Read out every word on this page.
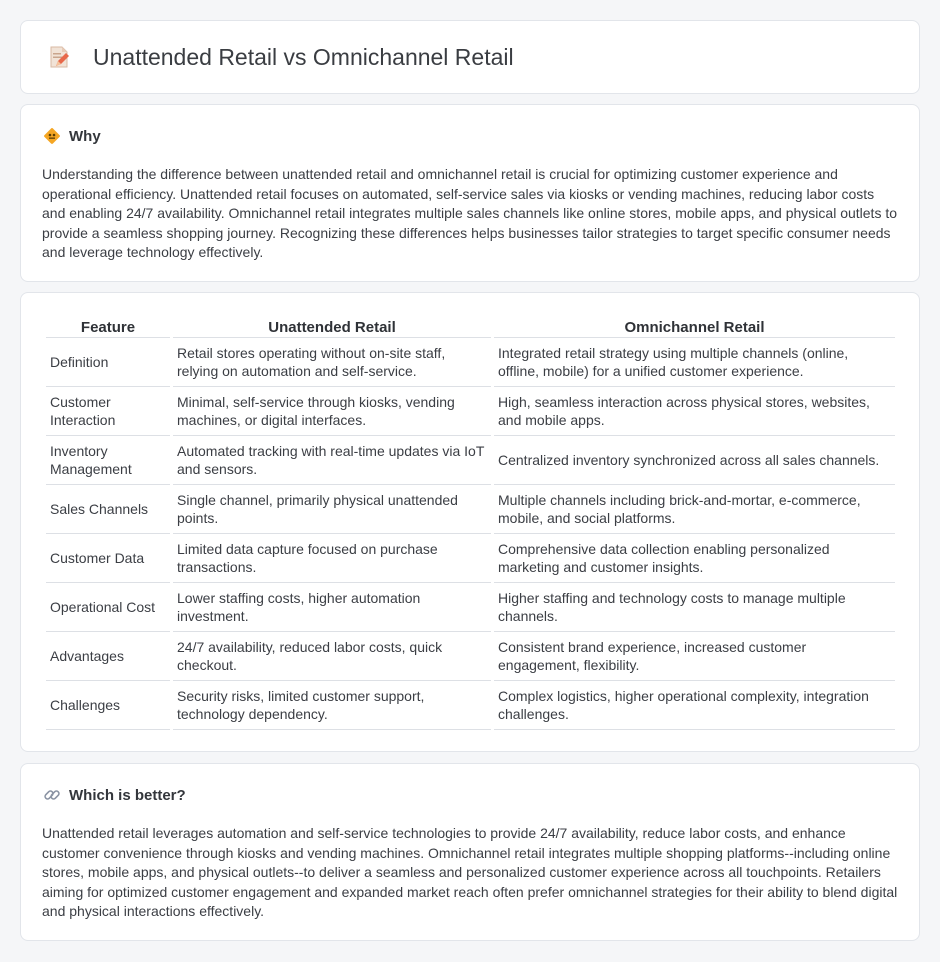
Unattended Retail vs Omnichannel Retail
Why

Understanding the difference between unattended retail and omnichannel retail is crucial for optimizing customer experience and operational efficiency. Unattended retail focuses on automated, self-service sales via kiosks or vending machines, reducing labor costs and enabling 24/7 availability. Omnichannel retail integrates multiple sales channels like online stores, mobile apps, and physical outlets to provide a seamless shopping journey. Recognizing these differences helps businesses tailor strategies to target specific consumer needs and leverage technology effectively.

Feature	Unattended Retail	Omnichannel Retail
Definition	Retail stores operating without on-site staff, relying on automation and self-service.	Integrated retail strategy using multiple channels (online, offline, mobile) for a unified customer experience.
Customer Interaction	Minimal, self-service through kiosks, vending machines, or digital interfaces.	High, seamless interaction across physical stores, websites, and mobile apps.
Inventory Management	Automated tracking with real-time updates via IoT and sensors.	Centralized inventory synchronized across all sales channels.
Sales Channels	Single channel, primarily physical unattended points.	Multiple channels including brick-and-mortar, e-commerce, mobile, and social platforms.
Customer Data	Limited data capture focused on purchase transactions.	Comprehensive data collection enabling personalized marketing and customer insights.
Operational Cost	Lower staffing costs, higher automation investment.	Higher staffing and technology costs to manage multiple channels.
Advantages	24/7 availability, reduced labor costs, quick checkout.	Consistent brand experience, increased customer engagement, flexibility.
Challenges	Security risks, limited customer support, technology dependency.	Complex logistics, higher operational complexity, integration challenges.
Which is better?

Unattended retail leverages automation and self-service technologies to provide 24/7 availability, reduce labor costs, and enhance customer convenience through kiosks and vending machines. Omnichannel retail integrates multiple shopping platforms--including online stores, mobile apps, and physical outlets--to deliver a seamless and personalized customer experience across all touchpoints. Retailers aiming for optimized customer engagement and expanded market reach often prefer omnichannel strategies for their ability to blend digital and physical interactions effectively.
